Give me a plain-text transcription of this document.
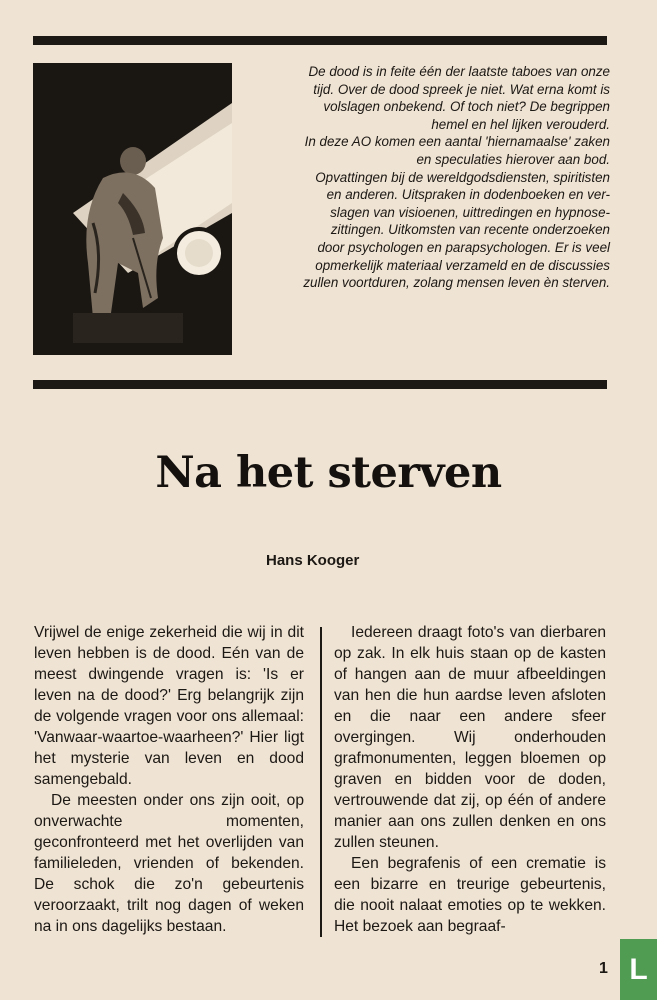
De dood is in feite één der laatste taboes van onze

tijd. Over de dood spreek je niet. Wat erna komt is

volslagen onbekend. Of toch niet? De begrippen

hemel en hel lijken verouderd.

In deze AO komen een aantal 'hiernamaalse' zaken

en speculaties hierover aan bod.

Opvattingen bij de wereldgodsdiensten, spiritisten

en anderen. Uitspraken in dodenboeken en ver-

slagen van visioenen, uittredingen en hypnose-

zittingen. Uitkomsten van recente onderzoeken

door psychologen en parapsychologen. Er is veel

opmerkelijk materiaal verzameld en de discussies

zullen voortduren, zolang mensen leven èn sterven.

Na het sterven
Hans Kooger

Vrijwel de enige zekerheid die wij in dit leven hebben is de dood. Eén van de meest dwingende vragen is: 'Is er leven na de dood?' Erg belangrijk zijn de volgende vragen voor ons allemaal: 'Vanwaar-waartoe-waarheen?' Hier ligt het mysterie van leven en dood samengebald.

De meesten onder ons zijn ooit, op onverwachte momenten, geconfronteerd met het overlijden van familieleden, vrienden of bekenden. De schok die zo'n gebeurtenis veroorzaakt, trilt nog dagen of weken na in ons dagelijks bestaan.

Iedereen draagt foto's van dierbaren op zak. In elk huis staan op de kasten of hangen aan de muur afbeeldingen van hen die hun aardse leven afsloten en die naar een andere sfeer overgingen. Wij onderhouden grafmonumenten, leggen bloemen op graven en bidden voor de doden, vertrouwende dat zij, op één of andere manier aan ons zullen denken en ons zullen steunen.

Een begrafenis of een crematie is een bizarre en treurige gebeurtenis, die nooit nalaat emoties op te wekken. Het bezoek aan begraaf-

1 L
